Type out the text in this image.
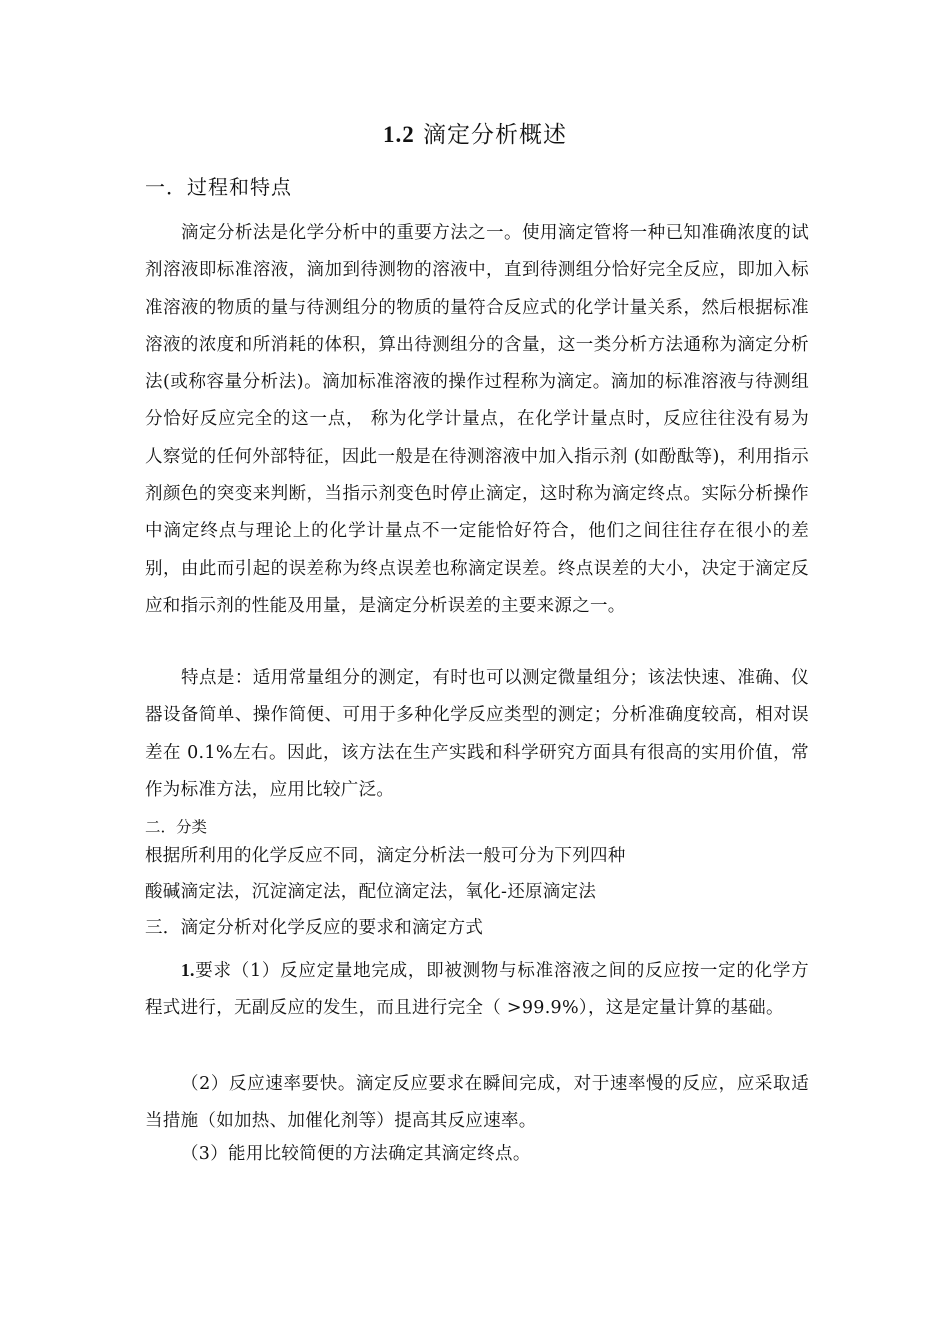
1.2 滴定分析概述
一．过程和特点

滴定分析法是化学分析中的重要方法之一。使用滴定管将一种已知准确浓度的试剂溶液即标准溶液，滴加到待测物的溶液中，直到待测组分恰好完全反应，即加入标准溶液的物质的量与待测组分的物质的量符合反应式的化学计量关系，然后根据标准溶液的浓度和所消耗的体积，算出待测组分的含量，这一类分析方法通称为滴定分析法(或称容量分析法)。滴加标准溶液的操作过程称为滴定。滴加的标准溶液与待测组分恰好反应完全的这一点， 称为化学计量点，在化学计量点时，反应往往没有易为人察觉的任何外部特征，因此一般是在待测溶液中加入指示剂 (如酚酞等)，利用指示剂颜色的突变来判断，当指示剂变色时停止滴定，这时称为滴定终点。实际分析操作中滴定终点与理论上的化学计量点不一定能恰好符合，他们之间往往存在很小的差别，由此而引起的误差称为终点误差也称滴定误差。终点误差的大小，决定于滴定反应和指示剂的性能及用量，是滴定分析误差的主要来源之一。

特点是：适用常量组分的测定，有时也可以测定微量组分；该法快速、准确、仪器设备简单、操作简便、可用于多种化学反应类型的测定；分析准确度较高，相对误差在 0.1%左右。因此，该方法在生产实践和科学研究方面具有很高的实用价值，常作为标准方法，应用比较广泛。

二．分类
根据所利用的化学反应不同，滴定分析法一般可分为下列四种
酸碱滴定法，沉淀滴定法，配位滴定法，氧化-还原滴定法
三．滴定分析对化学反应的要求和滴定方式

1.要求（1）反应定量地完成，即被测物与标准溶液之间的反应按一定的化学方程式进行，无副反应的发生，而且进行完全（ >99.9%），这是定量计算的基础。

（2）反应速率要快。滴定反应要求在瞬间完成，对于速率慢的反应，应采取适当措施（如加热、加催化剂等）提高其反应速率。

（3）能用比较简便的方法确定其滴定终点。
